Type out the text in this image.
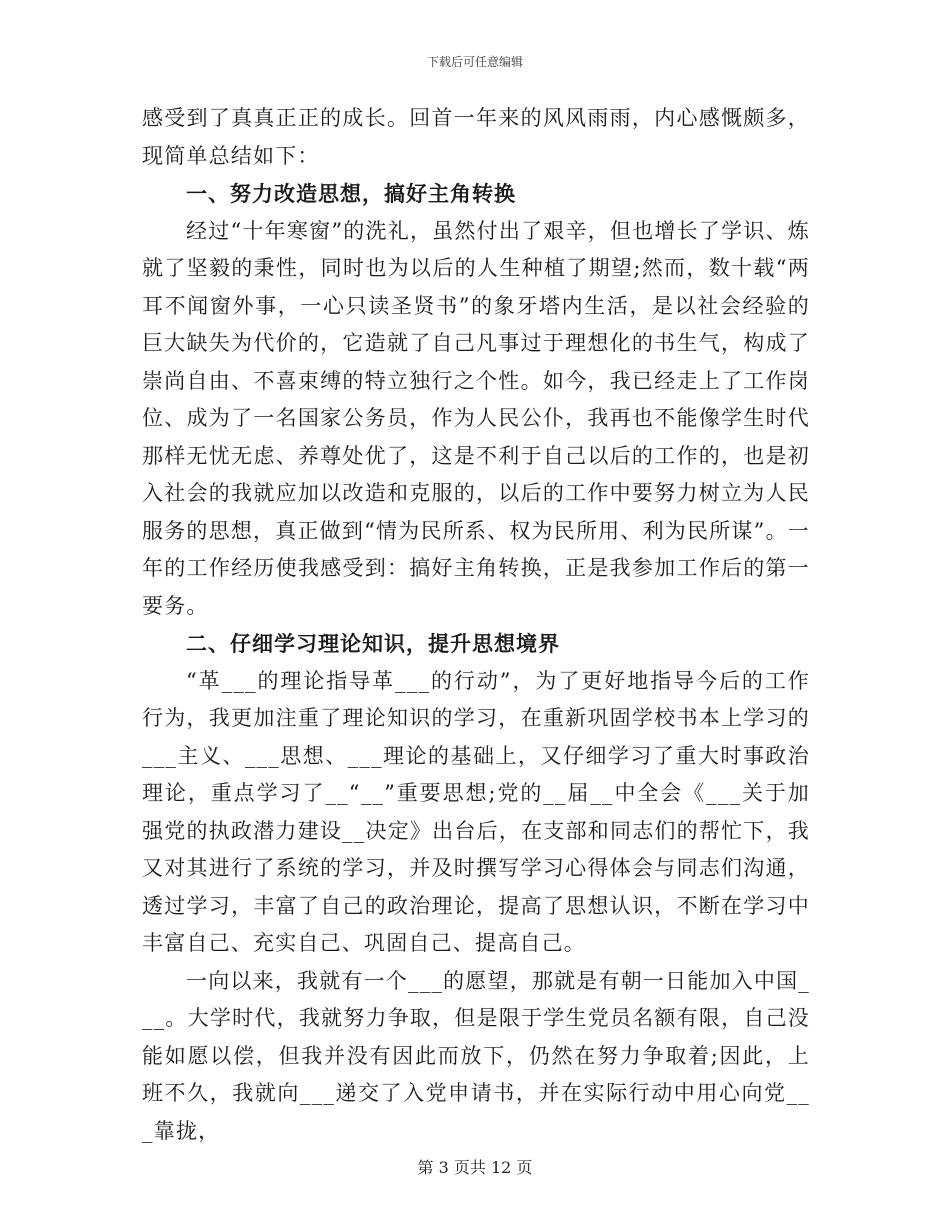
下载后可任意编辑

感受到了真真正正的成长。回首一年来的风风雨雨，内心感慨颇多，现简单总结如下：

一、努力改造思想，搞好主角转换

经过“十年寒窗”的洗礼，虽然付出了艰辛，但也增长了学识、炼就了坚毅的秉性，同时也为以后的人生种植了期望;然而，数十载“两耳不闻窗外事，一心只读圣贤书”的象牙塔内生活，是以社会经验的巨大缺失为代价的，它造就了自己凡事过于理想化的书生气，构成了崇尚自由、不喜束缚的特立独行之个性。如今，我已经走上了工作岗位、成为了一名国家公务员，作为人民公仆，我再也不能像学生时代那样无忧无虑、养尊处优了，这是不利于自己以后的工作的，也是初入社会的我就应加以改造和克服的，以后的工作中要努力树立为人民服务的思想，真正做到“情为民所系、权为民所用、利为民所谋”。一年的工作经历使我感受到：搞好主角转换，正是我参加工作后的第一要务。

二、仔细学习理论知识，提升思想境界

“革___的理论指导革___的行动”，为了更好地指导今后的工作行为，我更加注重了理论知识的学习，在重新巩固学校书本上学习的___主义、___思想、___理论的基础上，又仔细学习了重大时事政治理论，重点学习了__“__”重要思想;党的__届__中全会《___关于加强党的执政潜力建设__决定》出台后，在支部和同志们的帮忙下，我又对其进行了系统的学习，并及时撰写学习心得体会与同志们沟通，透过学习，丰富了自己的政治理论，提高了思想认识，不断在学习中丰富自己、充实自己、巩固自己、提高自己。

一向以来，我就有一个___的愿望，那就是有朝一日能加入中国___。大学时代，我就努力争取，但是限于学生党员名额有限，自己没能如愿以偿，但我并没有因此而放下，仍然在努力争取着;因此，上班不久，我就向___递交了入党申请书，并在实际行动中用心向党___靠拢，

第 3 页共 12 页
